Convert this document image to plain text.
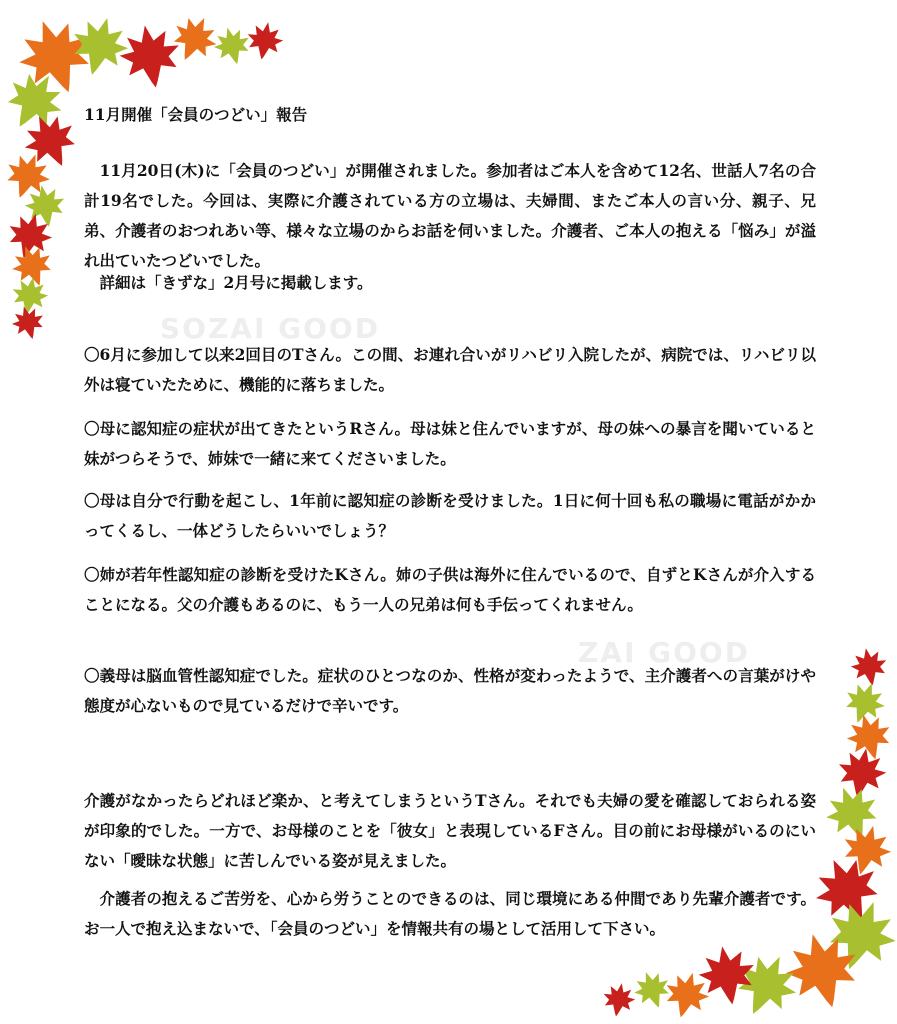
SOZAI GOOD
ZAI GOOD
11月開催「会員のつどい」報告
11月20日(木)に「会員のつどい」が開催されました。参加者はご本人を含めて12名、世話人7名の合計19名でした。今回は、実際に介護されている方の立場は、夫婦間、またご本人の言い分、親子、兄弟、介護者のおつれあい等、様々な立場のからお話を伺いました。介護者、ご本人の抱える「悩み」が溢れ出ていたつどいでした。
詳細は「きずな」2月号に掲載します。
〇6月に参加して以来2回目のTさん。この間、お連れ合いがリハビリ入院したが、病院では、リハビリ以外は寝ていたために、機能的に落ちました。
〇母に認知症の症状が出てきたというRさん。母は妹と住んでいますが、母の妹への暴言を聞いていると妹がつらそうで、姉妹で一緒に来てくださいました。
〇母は自分で行動を起こし、1年前に認知症の診断を受けました。1日に何十回も私の職場に電話がかかってくるし、一体どうしたらいいでしょう？
〇姉が若年性認知症の診断を受けたKさん。姉の子供は海外に住んでいるので、自ずとKさんが介入することになる。父の介護もあるのに、もう一人の兄弟は何も手伝ってくれません。
〇義母は脳血管性認知症でした。症状のひとつなのか、性格が変わったようで、主介護者への言葉がけや態度が心ないもので見ているだけで辛いです。
介護がなかったらどれほど楽か、と考えてしまうというTさん。それでも夫婦の愛を確認しておられる姿が印象的でした。一方で、お母様のことを「彼女」と表現しているFさん。目の前にお母様がいるのにいない「曖昧な状態」に苦しんでいる姿が見えました。
介護者の抱えるご苦労を、心から労うことのできるのは、同じ環境にある仲間であり先輩介護者です。お一人で抱え込まないで、「会員のつどい」を情報共有の場として活用して下さい。
